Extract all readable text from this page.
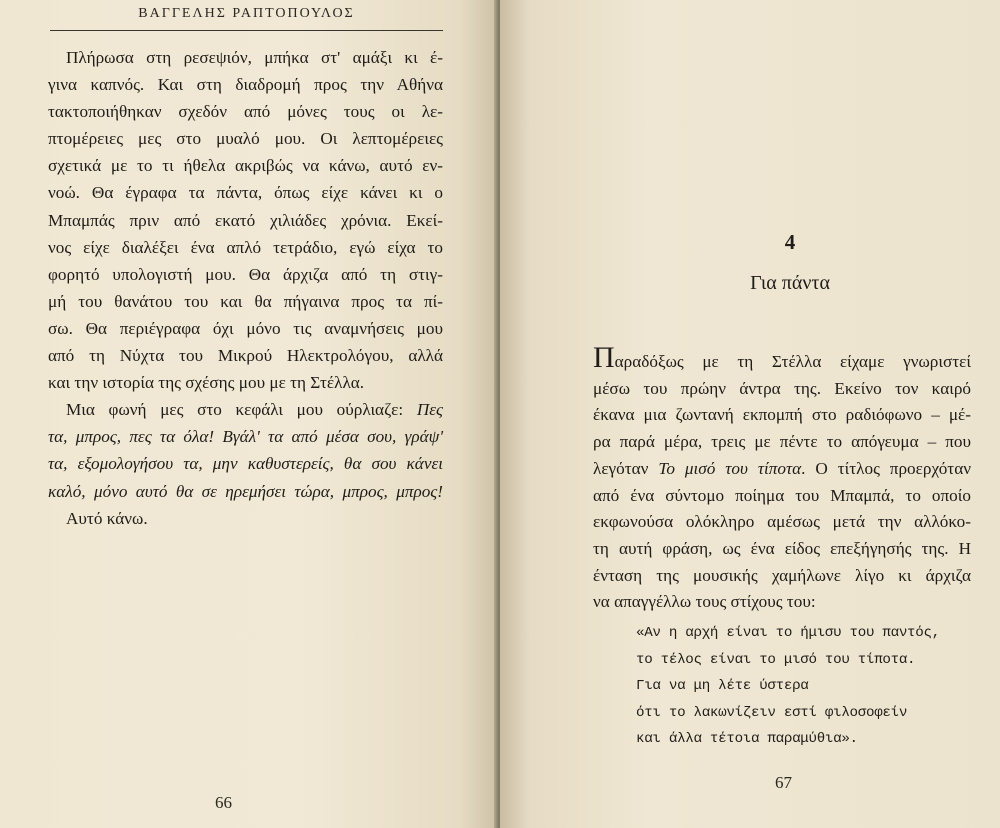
ΒΑΓΓΕΛΗΣ ΡΑΠΤΟΠΟΥΛΟΣ

Πλήρωσα στη ρεσεψιόν, μπήκα στ' αμάξι κι έ-
γινα καπνός. Και στη διαδρομή προς την Αθήνα
τακτοποιήθηκαν σχεδόν από μόνες τους οι λε-
πτομέρειες μες στο μυαλό μου. Οι λεπτομέρειες
σχετικά με το τι ήθελα ακριβώς να κάνω, αυτό εν-
νοώ. Θα έγραφα τα πάντα, όπως είχε κάνει κι ο
Μπαμπάς πριν από εκατό χιλιάδες χρόνια. Εκεί-
νος είχε διαλέξει ένα απλό τετράδιο, εγώ είχα το
φορητό υπολογιστή μου. Θα άρχιζα από τη στιγ-
μή του θανάτου του και θα πήγαινα προς τα πί-
σω. Θα περιέγραφα όχι μόνο τις αναμνήσεις μου
από τη Νύχτα του Μικρού Ηλεκτρολόγου, αλλά
και την ιστορία της σχέσης μου με τη Στέλλα.

Μια φωνή μες στο κεφάλι μου ούρλιαζε: Πες
τα, μπρος, πες τα όλα! Βγάλ' τα από μέσα σου, γράψ'
τα, εξομολογήσου τα, μην καθυστερείς, θα σου κάνει
καλό, μόνο αυτό θα σε ηρεμήσει τώρα, μπρος, μπρος!

Αυτό κάνω.

66
4
Για πάντα
Παραδόξως με τη Στέλλα είχαμε γνωριστεί
μέσω του πρώην άντρα της. Εκείνο τον καιρό
έκανα μια ζωντανή εκπομπή στο ραδιόφωνο – μέ-
ρα παρά μέρα, τρεις με πέντε το απόγευμα – που
λεγόταν Το μισό του τίποτα. Ο τίτλος προερχόταν
από ένα σύντομο ποίημα του Μπαμπά, το οποίο
εκφωνούσα ολόκληρο αμέσως μετά την αλλόκο-
τη αυτή φράση, ως ένα είδος επεξήγησής της. Η
ένταση της μουσικής χαμήλωνε λίγο κι άρχιζα
να απαγγέλλω τους στίχους του:
«Αν η αρχή είναι το ήμισυ του παντός,
το τέλος είναι το μισό του τίποτα.
Για να μη λέτε ύστερα
ότι το λακωνίζειν εστί φιλοσοφείν
και άλλα τέτοια παραμύθια».
67
